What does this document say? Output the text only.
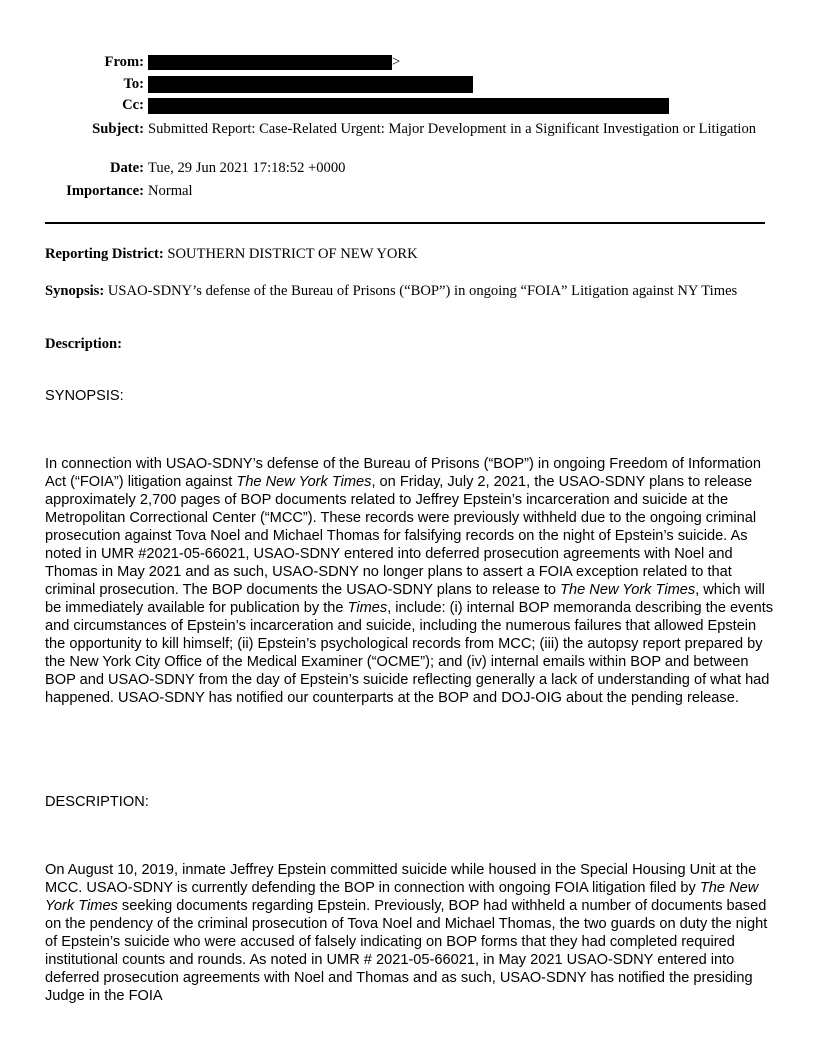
From:	>
To:
Cc:
Subject: Submitted Report: Case-Related Urgent: Major Development in a Significant Investigation or Litigation
Date: Tue, 29 Jun 2021 17:18:52 +0000
Importance: Normal
Reporting District: SOUTHERN DISTRICT OF NEW YORK
Synopsis: USAO-SDNY’s defense of the Bureau of Prisons (“BOP”) in ongoing “FOIA” Litigation against NY Times
Description:
SYNOPSIS:

In connection with USAO-SDNY’s defense of the Bureau of Prisons (“BOP”) in ongoing Freedom of Information Act (“FOIA”) litigation against The New York Times, on Friday, July 2, 2021, the USAO-SDNY plans to release approximately 2,700 pages of BOP documents related to Jeffrey Epstein’s incarceration and suicide at the Metropolitan Correctional Center (“MCC”). These records were previously withheld due to the ongoing criminal prosecution against Tova Noel and Michael Thomas for falsifying records on the night of Epstein’s suicide. As noted in UMR #2021-05-66021, USAO-SDNY entered into deferred prosecution agreements with Noel and Thomas in May 2021 and as such, USAO-SDNY no longer plans to assert a FOIA exception related to that criminal prosecution. The BOP documents the USAO-SDNY plans to release to The New York Times, which will be immediately available for publication by the Times, include: (i) internal BOP memoranda describing the events and circumstances of Epstein’s incarceration and suicide, including the numerous failures that allowed Epstein the opportunity to kill himself; (ii) Epstein’s psychological records from MCC; (iii) the autopsy report prepared by the New York City Office of the Medical Examiner (“OCME”); and (iv) internal emails within BOP and between BOP and USAO-SDNY from the day of Epstein’s suicide reflecting generally a lack of understanding of what had happened. USAO-SDNY has notified our counterparts at the BOP and DOJ-OIG about the pending release.

DESCRIPTION:

On August 10, 2019, inmate Jeffrey Epstein committed suicide while housed in the Special Housing Unit at the MCC. USAO-SDNY is currently defending the BOP in connection with ongoing FOIA litigation filed by The New York Times seeking documents regarding Epstein. Previously, BOP had withheld a number of documents based on the pendency of the criminal prosecution of Tova Noel and Michael Thomas, the two guards on duty the night of Epstein’s suicide who were accused of falsely indicating on BOP forms that they had completed required institutional counts and rounds. As noted in UMR # 2021-05-66021, in May 2021 USAO-SDNY entered into deferred prosecution agreements with Noel and Thomas and as such, USAO-SDNY has notified the presiding Judge in the FOIA
